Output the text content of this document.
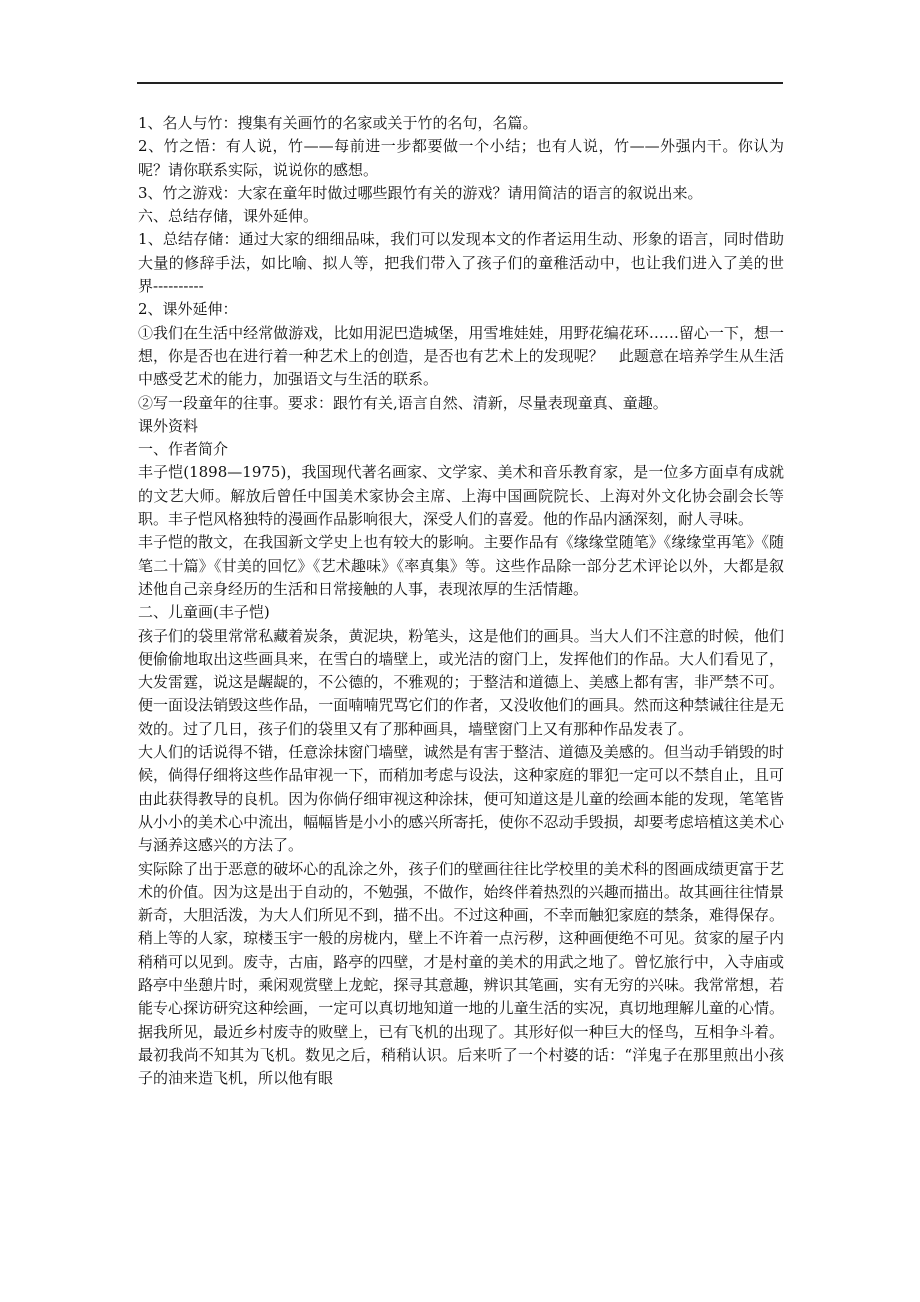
1、名人与竹：搜集有关画竹的名家或关于竹的名句，名篇。

2、竹之悟：有人说，竹——每前进一步都要做一个小结；也有人说，竹——外强内干。你认为呢？请你联系实际，说说你的感想。

3、竹之游戏：大家在童年时做过哪些跟竹有关的游戏？请用简洁的语言的叙说出来。

六、总结存储，课外延伸。

1、总结存储：通过大家的细细品味，我们可以发现本文的作者运用生动、形象的语言，同时借助大量的修辞手法，如比喻、拟人等，把我们带入了孩子们的童稚活动中，也让我们进入了美的世界----------

2、课外延伸：

①我们在生活中经常做游戏，比如用泥巴造城堡，用雪堆娃娃，用野花编花环……留心一下，想一想，你是否也在进行着一种艺术上的创造，是否也有艺术上的发现呢？　此题意在培养学生从生活中感受艺术的能力，加强语文与生活的联系。

②写一段童年的往事。要求：跟竹有关,语言自然、清新，尽量表现童真、童趣。

课外资料

一、作者简介

丰子恺(1898—1975)，我国现代著名画家、文学家、美术和音乐教育家，是一位多方面卓有成就的文艺大师。解放后曾任中国美术家协会主席、上海中国画院院长、上海对外文化协会副会长等职。丰子恺风格独特的漫画作品影响很大，深受人们的喜爱。他的作品内涵深刻，耐人寻味。

丰子恺的散文，在我国新文学史上也有较大的影响。主要作品有《缘缘堂随笔》《缘缘堂再笔》《随笔二十篇》《甘美的回忆》《艺术趣味》《率真集》等。这些作品除一部分艺术评论以外，大都是叙述他自己亲身经历的生活和日常接触的人事，表现浓厚的生活情趣。

二、儿童画(丰子恺)

孩子们的袋里常常私藏着炭条，黄泥块，粉笔头，这是他们的画具。当大人们不注意的时候，他们便偷偷地取出这些画具来，在雪白的墙壁上，或光洁的窗门上，发挥他们的作品。大人们看见了，大发雷霆，说这是龌龊的，不公德的，不雅观的；于整洁和道德上、美感上都有害，非严禁不可。便一面设法销毁这些作品，一面喃喃咒骂它们的作者，又没收他们的画具。然而这种禁诫往往是无效的。过了几日，孩子们的袋里又有了那种画具，墙壁窗门上又有那种作品发表了。

大人们的话说得不错，任意涂抹窗门墙壁，诚然是有害于整洁、道德及美感的。但当动手销毁的时候，倘得仔细将这些作品审视一下，而稍加考虑与设法，这种家庭的罪犯一定可以不禁自止，且可由此获得教导的良机。因为你倘仔细审视这种涂抹，便可知道这是儿童的绘画本能的发现，笔笔皆从小小的美术心中流出，幅幅皆是小小的感兴所寄托，使你不忍动手毁损，却要考虑培植这美术心与涵养这感兴的方法了。

实际除了出于恶意的破坏心的乱涂之外，孩子们的壁画往往比学校里的美术科的图画成绩更富于艺术的价值。因为这是出于自动的，不勉强，不做作，始终伴着热烈的兴趣而描出。故其画往往情景新奇，大胆活泼，为大人们所见不到，描不出。不过这种画，不幸而触犯家庭的禁条，难得保存。稍上等的人家，琼楼玉宇一般的房栊内，壁上不许着一点污秽，这种画便绝不可见。贫家的屋子内稍稍可以见到。废寺，古庙，路亭的四壁，才是村童的美术的用武之地了。曾忆旅行中，入寺庙或路亭中坐憩片时，乘闲观赏壁上龙蛇，探寻其意趣，辨识其笔画，实有无穷的兴味。我常常想，若能专心探访研究这种绘画，一定可以真切地知道一地的儿童生活的实况，真切地理解儿童的心情。据我所见，最近乡村废寺的败壁上，已有飞机的出现了。其形好似一种巨大的怪鸟，互相争斗着。最初我尚不知其为飞机。数见之后，稍稍认识。后来听了一个村婆的话：“洋鬼子在那里煎出小孩子的油来造飞机，所以他有眼
